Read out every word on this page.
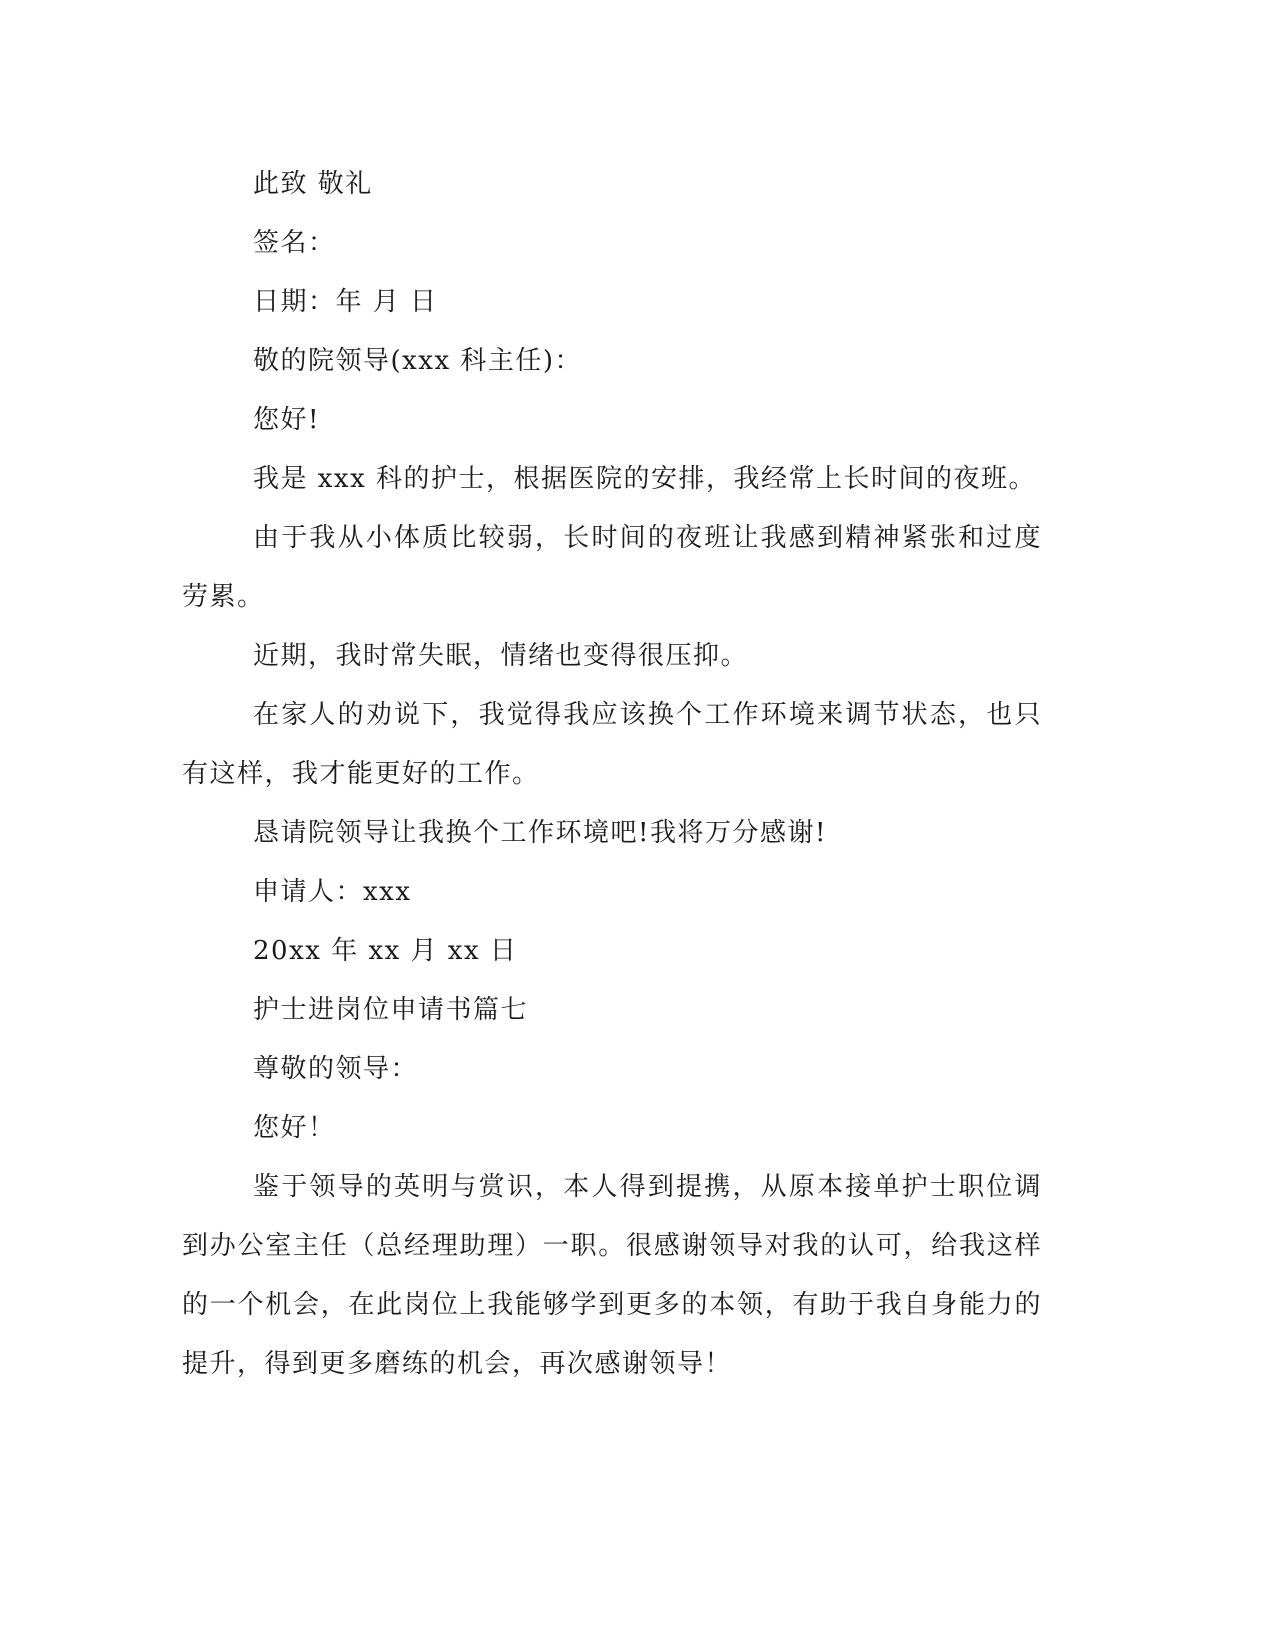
此致 敬礼

签名：

日期：年 月 日

敬的院领导(xxx 科主任)：

您好!

我是 xxx 科的护士，根据医院的安排，我经常上长时间的夜班。

由于我从小体质比较弱，长时间的夜班让我感到精神紧张和过度劳累。

近期，我时常失眠，情绪也变得很压抑。

在家人的劝说下，我觉得我应该换个工作环境来调节状态，也只有这样，我才能更好的工作。

恳请院领导让我换个工作环境吧!我将万分感谢!

申请人：xxx

20xx 年 xx 月 xx 日

护士进岗位申请书篇七

尊敬的领导：

您好！

鉴于领导的英明与赏识，本人得到提携，从原本接单护士职位调到办公室主任（总经理助理）一职。很感谢领导对我的认可，给我这样的一个机会，在此岗位上我能够学到更多的本领，有助于我自身能力的提升，得到更多磨练的机会，再次感谢领导！
